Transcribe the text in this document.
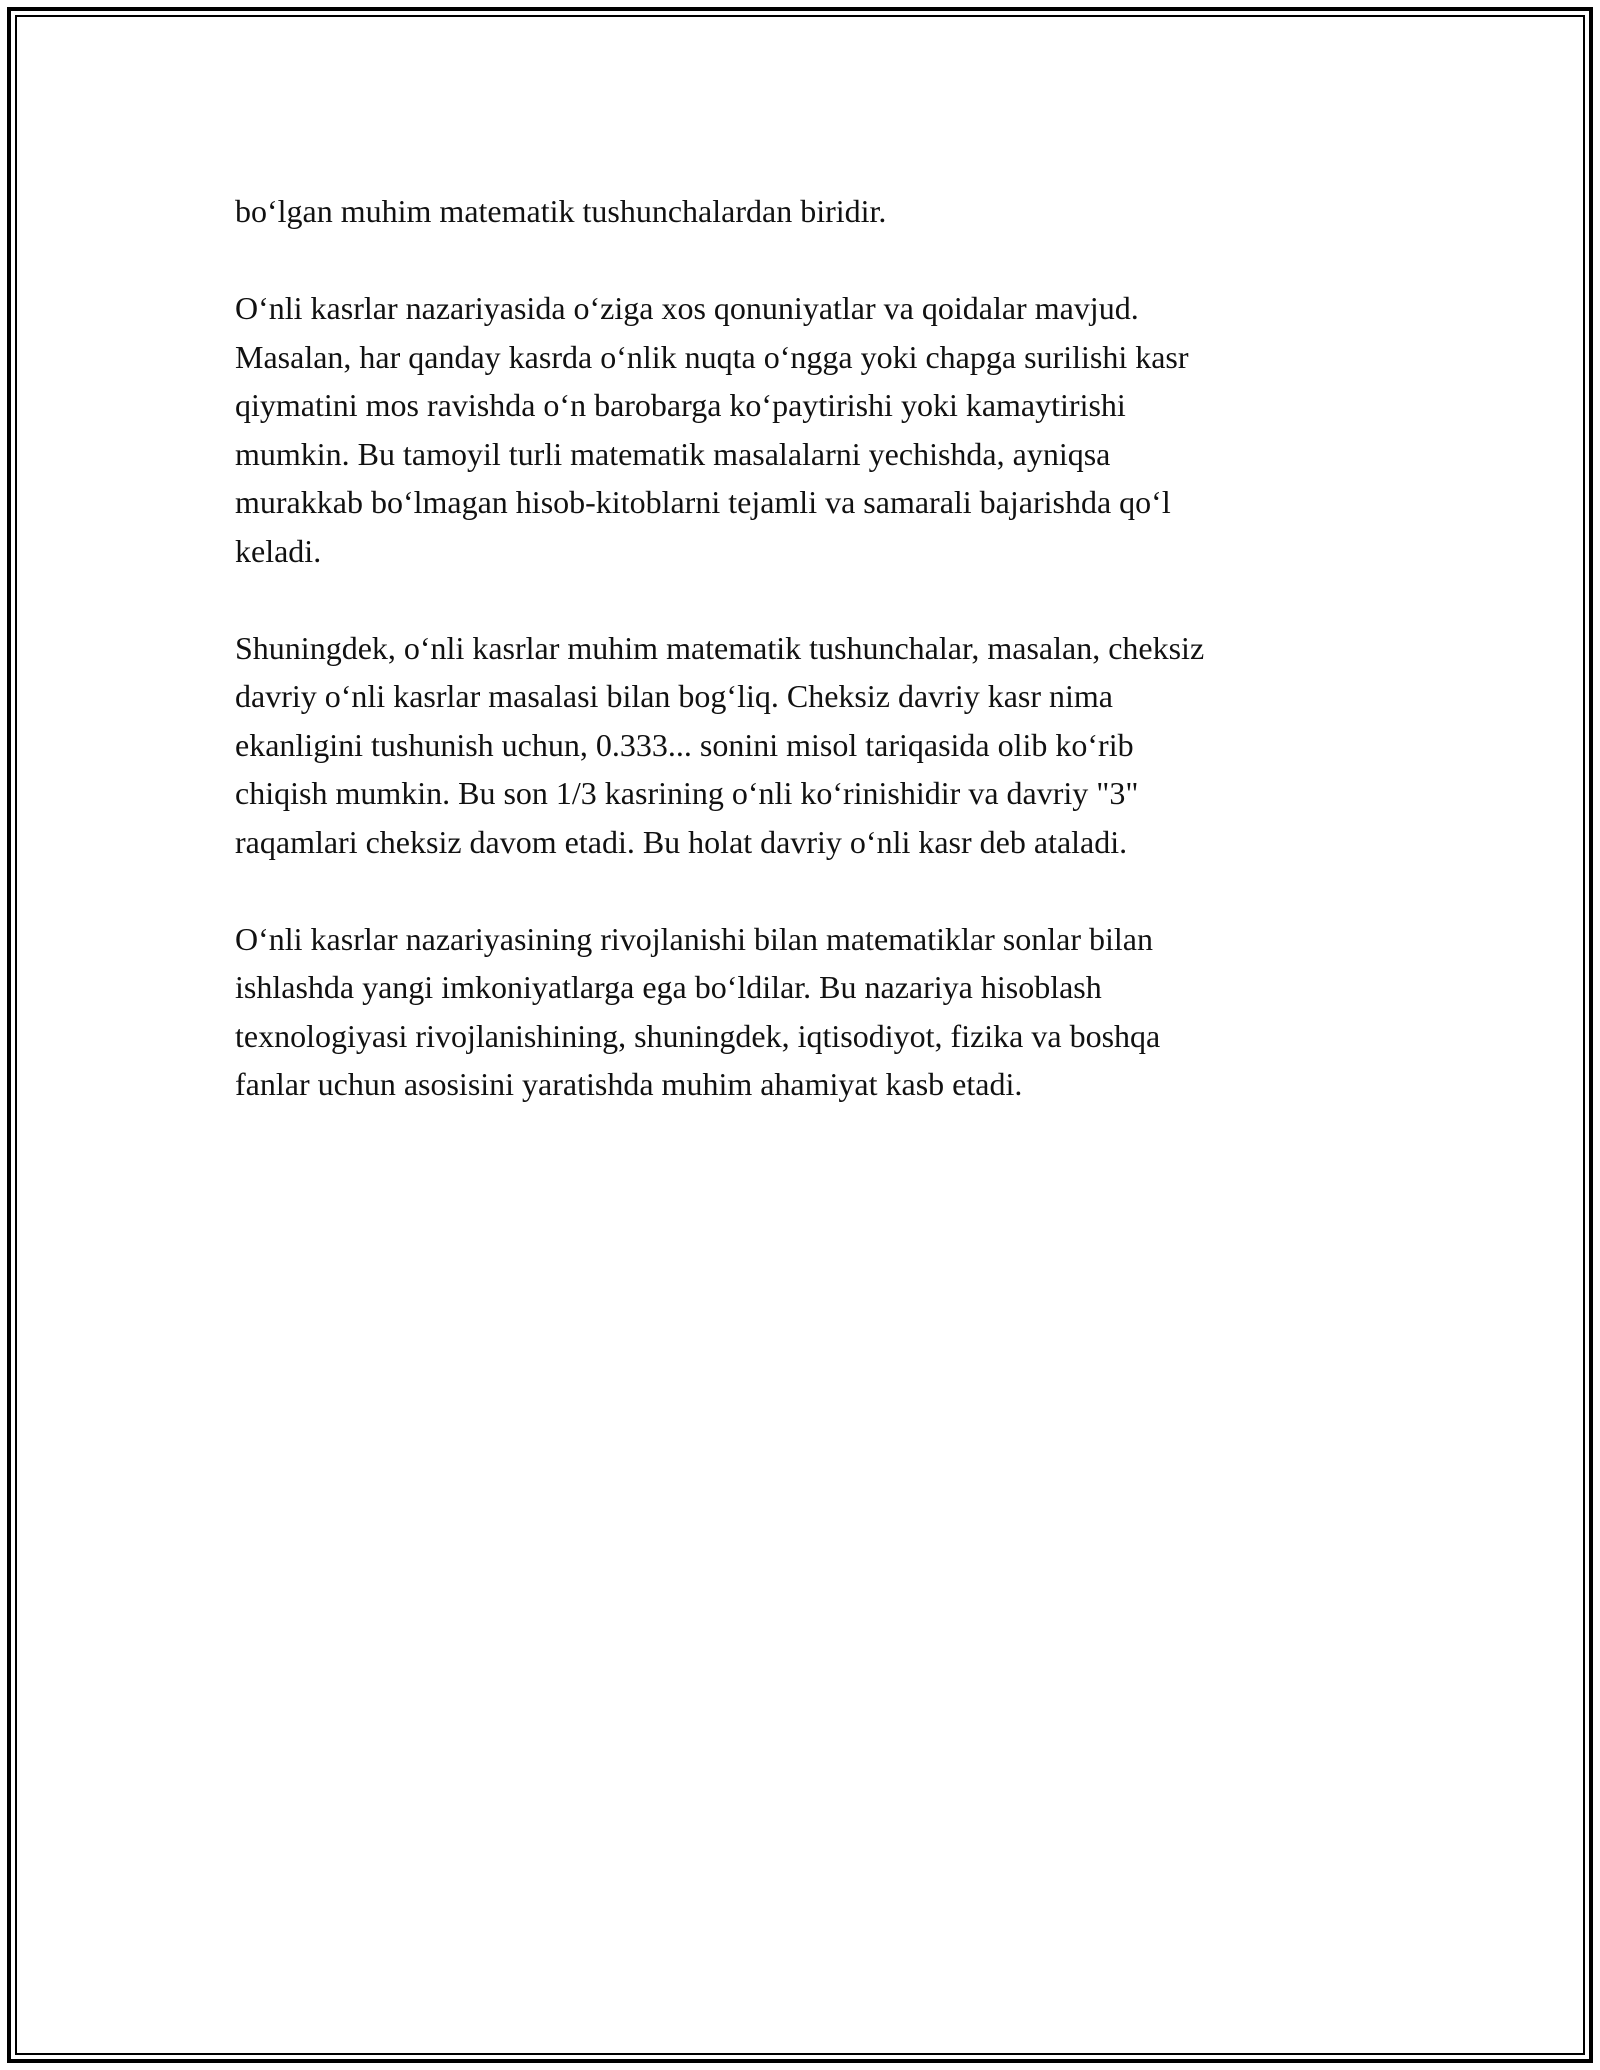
bo‘lgan muhim matematik tushunchalardan biridir.

O‘nli kasrlar nazariyasida o‘ziga xos qonuniyatlar va qoidalar mavjud.
Masalan, har qanday kasrda o‘nlik nuqta o‘ngga yoki chapga surilishi kasr
qiymatini mos ravishda o‘n barobarga ko‘paytirishi yoki kamaytirishi
mumkin. Bu tamoyil turli matematik masalalarni yechishda, ayniqsa
murakkab bo‘lmagan hisob-kitoblarni tejamli va samarali bajarishda qo‘l
keladi.

Shuningdek, o‘nli kasrlar muhim matematik tushunchalar, masalan, cheksiz
davriy o‘nli kasrlar masalasi bilan bog‘liq. Cheksiz davriy kasr nima
ekanligini tushunish uchun, 0.333... sonini misol tariqasida olib ko‘rib
chiqish mumkin. Bu son 1/3 kasrining o‘nli ko‘rinishidir va davriy "3"
raqamlari cheksiz davom etadi. Bu holat davriy o‘nli kasr deb ataladi.

O‘nli kasrlar nazariyasining rivojlanishi bilan matematiklar sonlar bilan
ishlashda yangi imkoniyatlarga ega bo‘ldilar. Bu nazariya hisoblash
texnologiyasi rivojlanishining, shuningdek, iqtisodiyot, fizika va boshqa
fanlar uchun asosisini yaratishda muhim ahamiyat kasb etadi.
